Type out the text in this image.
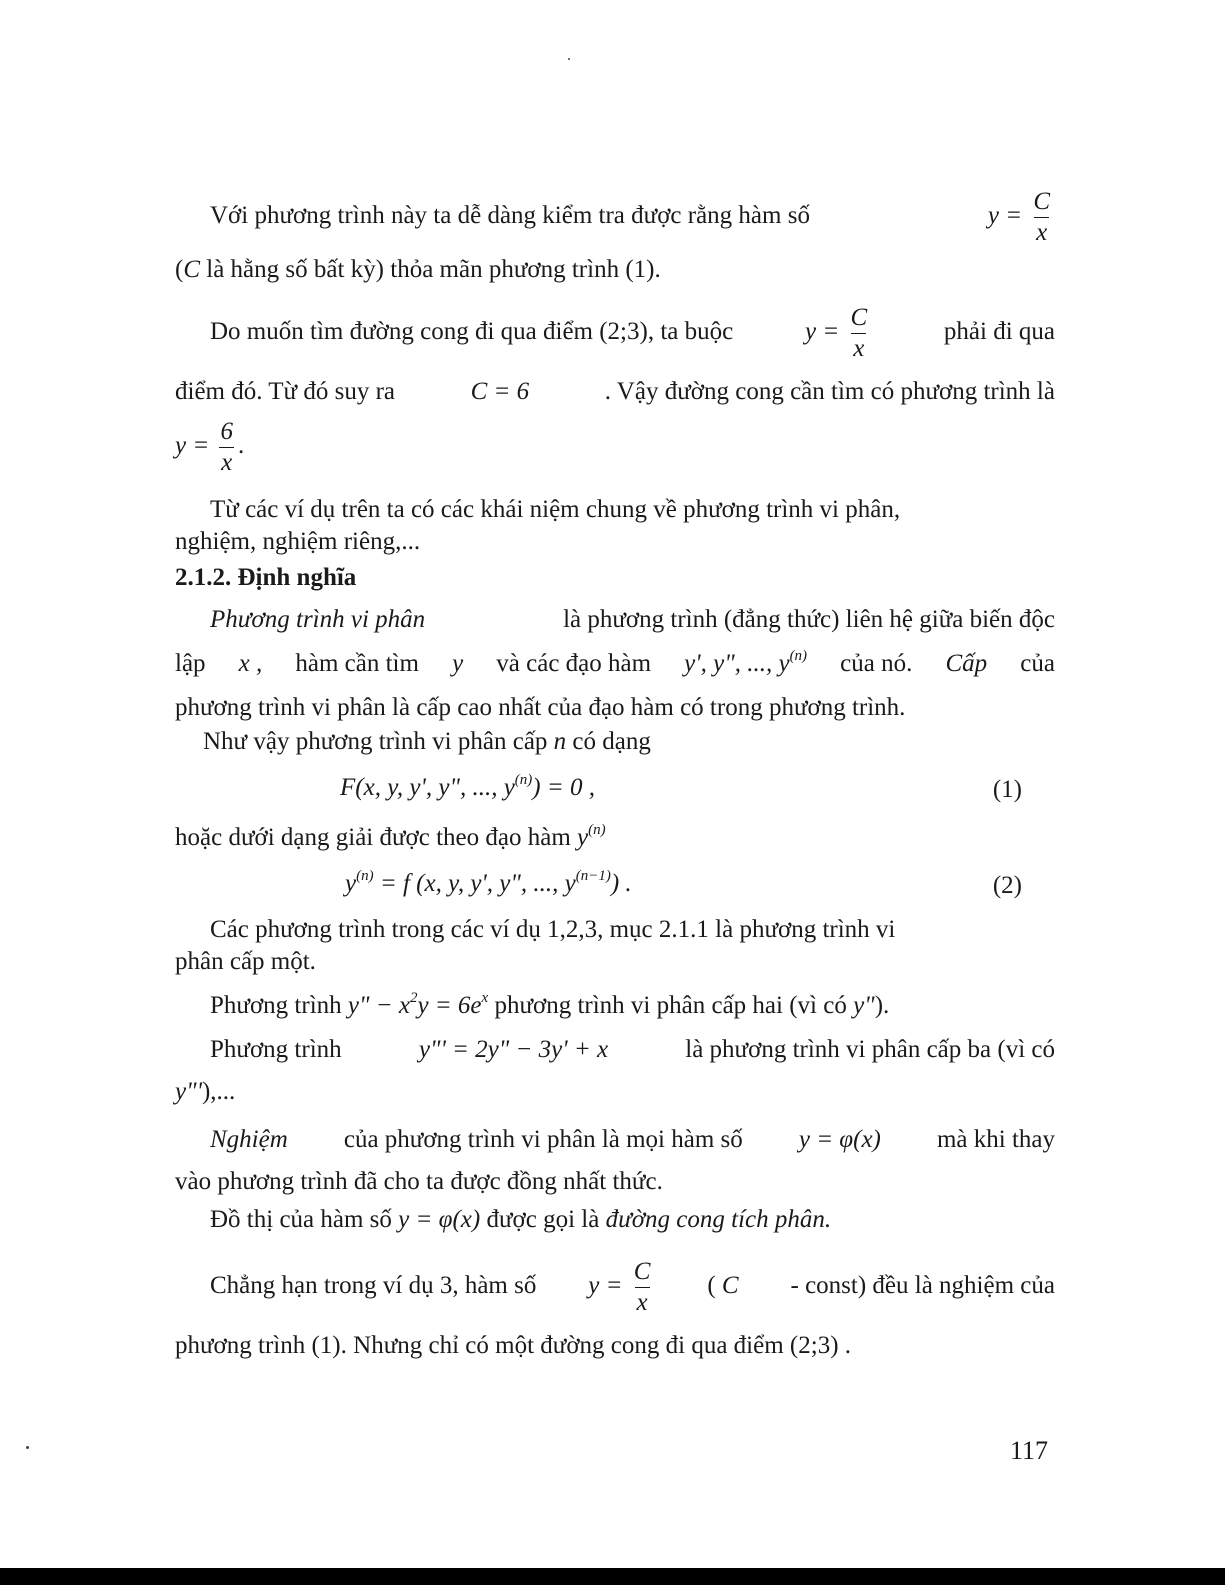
Với phương trình này ta dễ dàng kiểm tra được rằng hàm số	$y = \frac{C}{x}$
(C là hằng số bất kỳ) thỏa mãn phương trình (1).
Do muốn tìm đường cong đi qua điểm (2;3), ta buộc	$y = \frac{C}{x}$	phải đi qua
điểm đó. Từ đó suy ra	C = 6	. Vậy đường cong cần tìm có phương trình là
$y = \frac{6}{x}$ .
Từ các ví dụ trên ta có các khái niệm chung về phương trình vi phân,
nghiệm, nghiệm riêng,...
2.1.2. Định nghĩa
Phương trình vi phân	là phương trình (đẳng thức) liên hệ giữa biến độc
lập x , hàm cần tìm y và các đạo hàm y', y", ..., $y^{(n)}$ của nó. Cấp của
phương trình vi phân là cấp cao nhất của đạo hàm có trong phương trình.
Như vậy phương trình vi phân cấp n có dạng
F(x, y, y', y", ..., $y^{(n)}) = 0$ ,	(1)
hoặc dưới dạng giải được theo đạo hàm $y^{(n)}$
$y^{(n)} = f$ (x, y, y', y", ..., $y^{(n-1)}$) .	(2)
Các phương trình trong các ví dụ 1,2,3, mục 2.1.1 là phương trình vi
phân cấp một.
Phương trình y" − $x^2y = 6e^x$ phương trình vi phân cấp hai (vì có y").
Phương trình	y"' = 2y" − 3y' + x	là phương trình vi phân cấp ba (vì có
y"'),...
Nghiệm của phương trình vi phân là mọi hàm số y = φ(x) mà khi thay
vào phương trình đã cho ta được đồng nhất thức.
Đồ thị của hàm số y = φ(x) được gọi là đường cong tích phân.
Chẳng hạn trong ví dụ 3, hàm số $y = \frac{C}{x}$ ( C - const) đều là nghiệm của
phương trình (1). Nhưng chỉ có một đường cong đi qua điểm (2;3) .
117
